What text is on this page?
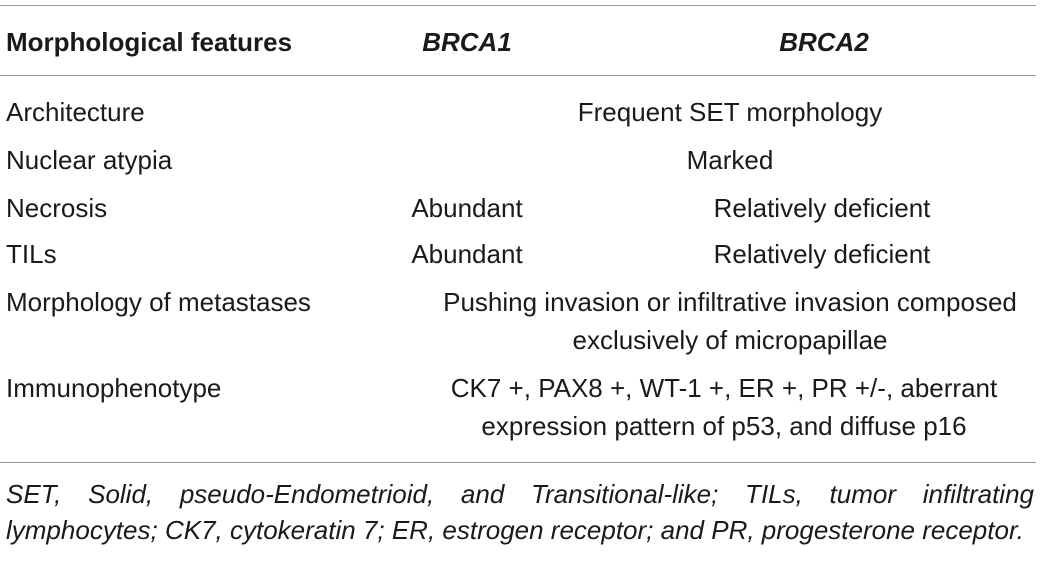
Morphological features	BRCA1	BRCA2
Architecture	Frequent SET morphology
Nuclear atypia	Marked
Necrosis	Abundant	Relatively deficient
TILs	Abundant	Relatively deficient
Morphology of metastases	Pushing invasion or infiltrative invasion composed
exclusively of micropapillae
Immunophenotype	CK7 +, PAX8 +, WT-1 +, ER +, PR +/-, aberrant
expression pattern of p53, and diffuse p16

SET, Solid, pseudo-Endometrioid, and Transitional-like; TILs, tumor infiltrating lymphocytes; CK7, cytokeratin 7; ER, estrogen receptor; and PR, progesterone receptor.
